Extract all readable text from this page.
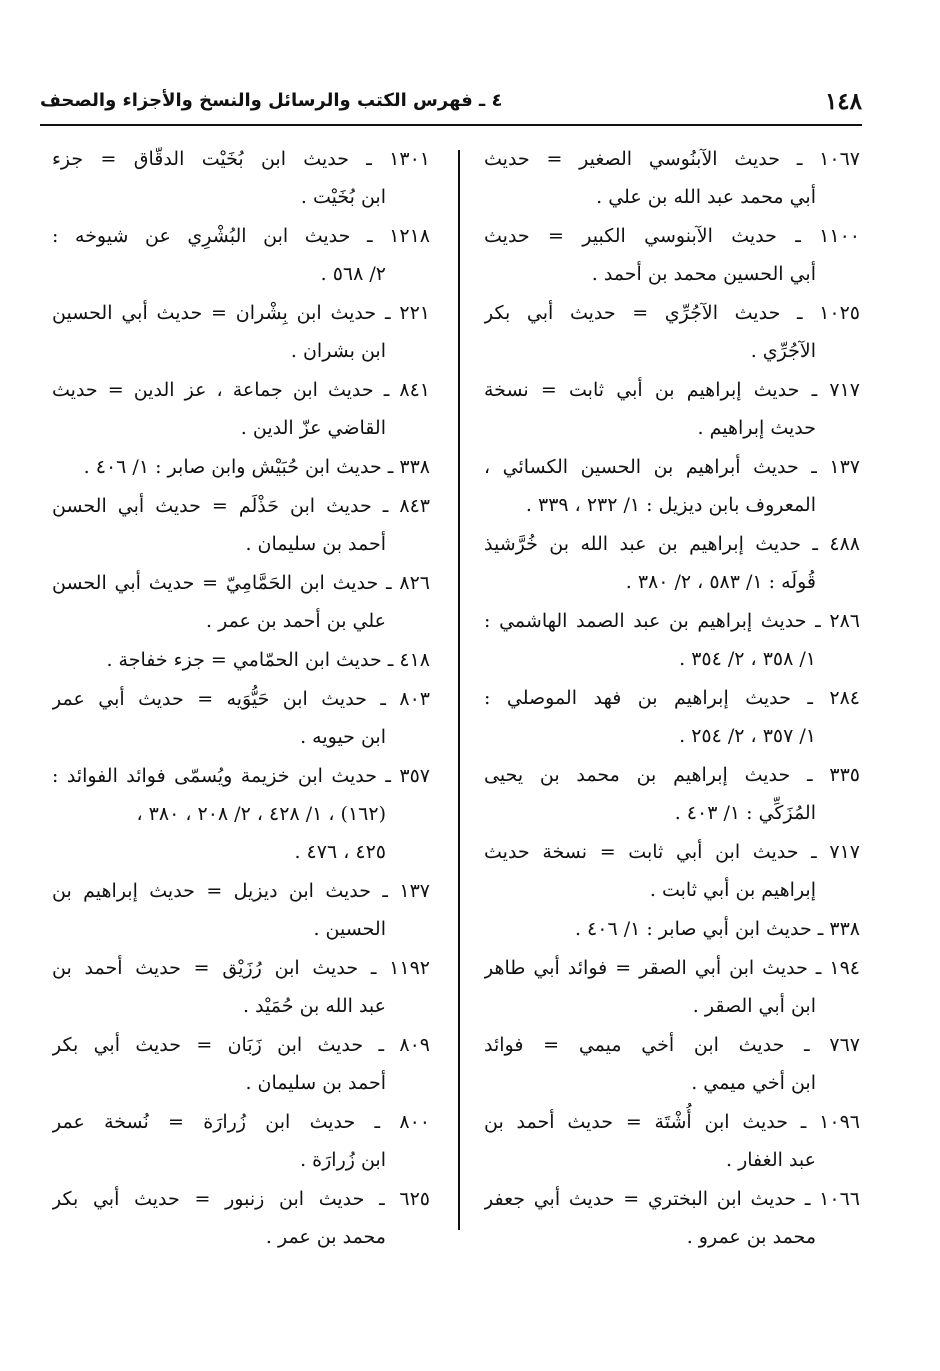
١٤٨
٤ ـ فهرس الكتب والرسائل والنسخ والأجزاء والصحف
١٠٦٧ ـ حديث الآبنُوسي الصغير = حديث
أبي محمد عبد الله بن علي .
١١٠٠ ـ حديث الآبنوسي الكبير = حديث
أبي الحسين محمد بن أحمد .
١٠٢٥ ـ حديث الآجُرِّي = حديث أبي بكر
الآجُرِّي .
٧١٧ ـ حديث إبراهيم بن أبي ثابت = نسخة
حديث إبراهيم .
١٣٧ ـ حديث أبراهيم بن الحسين الكسائي ،
المعروف بابن ديزيل : ١/ ٢٣٢ ، ٣٣٩ .
٤٨٨ ـ حديث إبراهيم بن عبد الله بن خُرَّشيذ
قُولَه : ١/ ٥٨٣ ، ٢/ ٣٨٠ .
٢٨٦ ـ حديث إبراهيم بن عبد الصمد الهاشمي :
١/ ٣٥٨ ، ٢/ ٣٥٤ .
٢٨٤ ـ حديث إبراهيم بن فهد الموصلي :
١/ ٣٥٧ ، ٢/ ٢٥٤ .
٣٣٥ ـ حديث إبراهيم بن محمد بن يحيى
المُزَكِّي : ١/ ٤٠٣ .
٧١٧ ـ حديث ابن أبي ثابت = نسخة حديث
إبراهيم بن أبي ثابت .
٣٣٨ ـ حديث ابن أبي صابر : ١/ ٤٠٦ .
١٩٤ ـ حديث ابن أبي الصقر = فوائد أبي طاهر
ابن أبي الصقر .
٧٦٧ ـ حديث ابن أخي ميمي = فوائد
ابن أخي ميمي .
١٠٩٦ ـ حديث ابن أُشْتَة = حديث أحمد بن
عبد الغفار .
١٠٦٦ ـ حديث ابن البختري = حديث أبي جعفر
محمد بن عمرو .
١٣٠١ ـ حديث ابن بُخَيْت الدقّاق = جزء
ابن بُخَيْت .
١٢١٨ ـ حديث ابن البُشْرِي عن شيوخه :
٢/ ٥٦٨ .
٢٢١ ـ حديث ابن بِشْران = حديث أبي الحسين
ابن بشران .
٨٤١ ـ حديث ابن جماعة ، عز الدين = حديث
القاضي عزّ الدين .
٣٣٨ ـ حديث ابن حُبَيْش وابن صابر : ١/ ٤٠٦ .
٨٤٣ ـ حديث ابن حَذْلَم = حديث أبي الحسن
أحمد بن سليمان .
٨٢٦ ـ حديث ابن الحَمَّامِيّ = حديث أبي الحسن
علي بن أحمد بن عمر .
٤١٨ ـ حديث ابن الحمّامي = جزء خفاجة .
٨٠٣ ـ حديث ابن حَيُّوَيه = حديث أبي عمر
ابن حيويه .
٣٥٧ ـ حديث ابن خزيمة ويُسمّى فوائد الفوائد :
(١٦٢) ، ١/ ٤٢٨ ، ٢/ ٢٠٨ ، ٣٨٠ ،
٤٢٥ ، ٤٧٦ .
١٣٧ ـ حديث ابن ديزيل = حديث إبراهيم بن
الحسين .
١١٩٢ ـ حديث ابن رُزَيْق = حديث أحمد بن
عبد الله بن حُمَيْد .
٨٠٩ ـ حديث ابن زَبَان = حديث أبي بكر
أحمد بن سليمان .
٨٠٠ ـ حديث ابن زُرارَة = نُسخة عمر
ابن زُرارَة .
٦٢٥ ـ حديث ابن زنبور = حديث أبي بكر
محمد بن عمر .
